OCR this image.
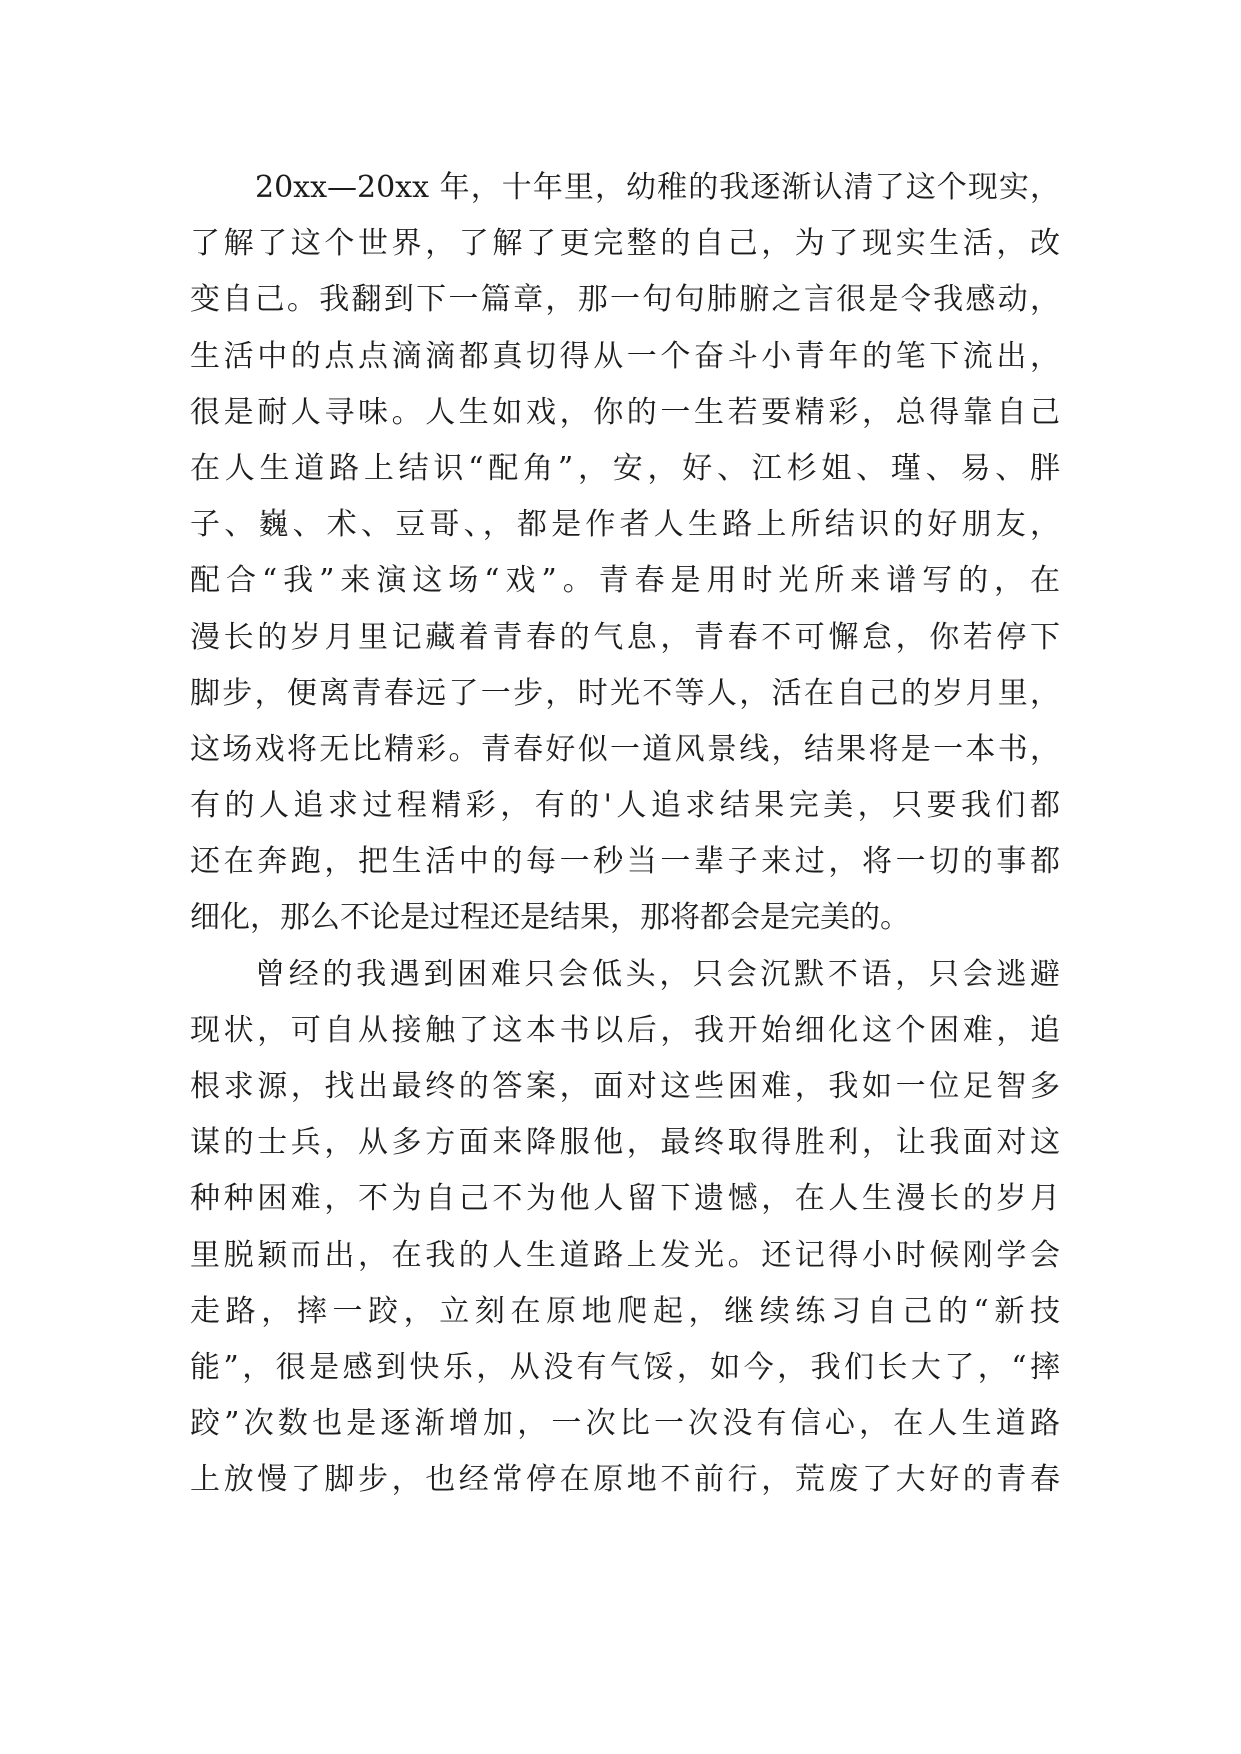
20xx—20xx 年，十年里，幼稚的我逐渐认清了这个现实，
了解了这个世界，了解了更完整的自己，为了现实生活，改
变自己。我翻到下一篇章，那一句句肺腑之言很是令我感动，
生活中的点点滴滴都真切得从一个奋斗小青年的笔下流出，
很是耐人寻味。人生如戏，你的一生若要精彩，总得靠自己
在人生道路上结识“配角”，安，好、江杉姐、瑾、易、胖
子、巍、术、豆哥、，都是作者人生路上所结识的好朋友，
配合“我”来演这场“戏”。青春是用时光所来谱写的，在
漫长的岁月里记藏着青春的气息，青春不可懈怠，你若停下
脚步，便离青春远了一步，时光不等人，活在自己的岁月里，
这场戏将无比精彩。青春好似一道风景线，结果将是一本书，
有的人追求过程精彩，有的'人追求结果完美，只要我们都
还在奔跑，把生活中的每一秒当一辈子来过，将一切的事都
细化，那么不论是过程还是结果，那将都会是完美的。
曾经的我遇到困难只会低头，只会沉默不语，只会逃避
现状，可自从接触了这本书以后，我开始细化这个困难，追
根求源，找出最终的答案，面对这些困难，我如一位足智多
谋的士兵，从多方面来降服他，最终取得胜利，让我面对这
种种困难，不为自己不为他人留下遗憾，在人生漫长的岁月
里脱颖而出，在我的人生道路上发光。还记得小时候刚学会
走路，摔一跤，立刻在原地爬起，继续练习自己的“新技
能”，很是感到快乐，从没有气馁，如今，我们长大了，“摔
跤”次数也是逐渐增加，一次比一次没有信心，在人生道路
上放慢了脚步，也经常停在原地不前行，荒废了大好的青春
